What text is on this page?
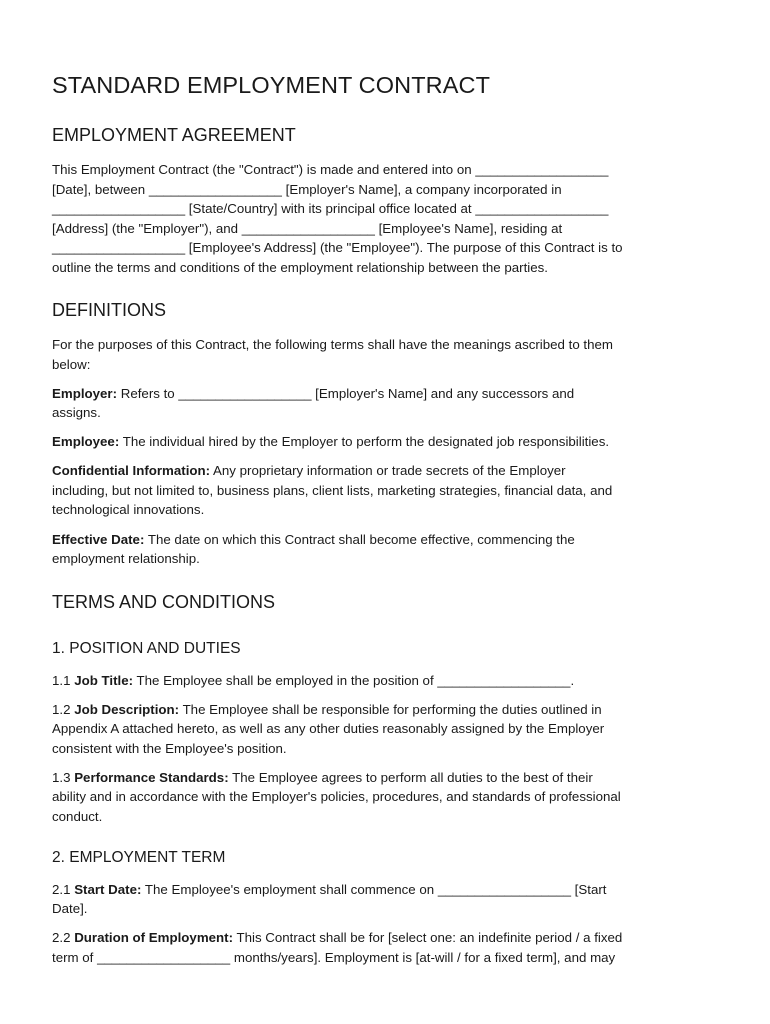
STANDARD EMPLOYMENT CONTRACT
EMPLOYMENT AGREEMENT

This Employment Contract (the "Contract") is made and entered into on __________________

[Date], between __________________ [Employer's Name], a company incorporated in

__________________ [State/Country] with its principal office located at __________________

[Address] (the "Employer"), and __________________ [Employee's Name], residing at

__________________ [Employee's Address] (the "Employee"). The purpose of this Contract is to

outline the terms and conditions of the employment relationship between the parties.

DEFINITIONS

For the purposes of this Contract, the following terms shall have the meanings ascribed to them

below:

Employer: Refers to __________________ [Employer's Name] and any successors and

assigns.

Employee: The individual hired by the Employer to perform the designated job responsibilities.

Confidential Information: Any proprietary information or trade secrets of the Employer

including, but not limited to, business plans, client lists, marketing strategies, financial data, and

technological innovations.

Effective Date: The date on which this Contract shall become effective, commencing the

employment relationship.

TERMS AND CONDITIONS
1. POSITION AND DUTIES

1.1 Job Title: The Employee shall be employed in the position of __________________.

1.2 Job Description: The Employee shall be responsible for performing the duties outlined in

Appendix A attached hereto, as well as any other duties reasonably assigned by the Employer

consistent with the Employee's position.

1.3 Performance Standards: The Employee agrees to perform all duties to the best of their

ability and in accordance with the Employer's policies, procedures, and standards of professional

conduct.

2. EMPLOYMENT TERM

2.1 Start Date: The Employee's employment shall commence on __________________ [Start

Date].

2.2 Duration of Employment: This Contract shall be for [select one: an indefinite period / a fixed

term of __________________ months/years]. Employment is [at-will / for a fixed term], and may
